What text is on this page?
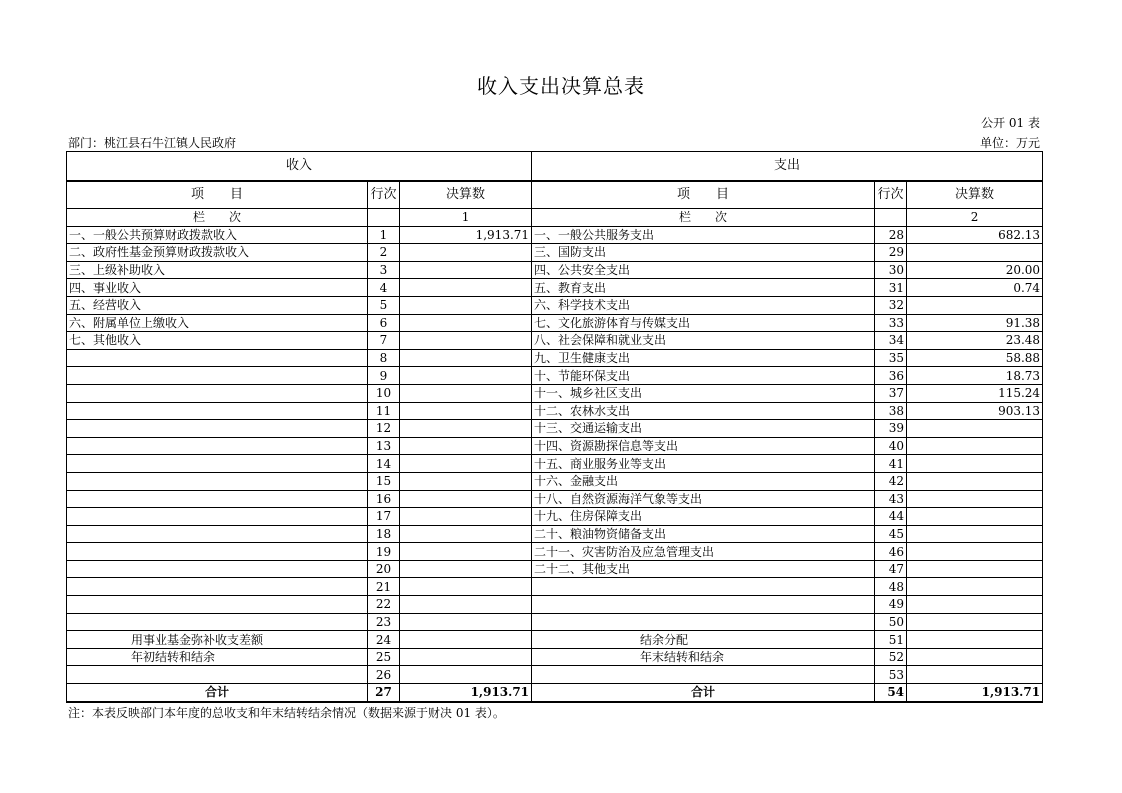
收入支出决算总表
公开 01 表
部门：桃江县石牛江镇人民政府	单位：万元
收入			支出		
项　　目	行次	决算数	项　　目	行次	决算数
栏　　次		1	栏　　次		2
一、一般公共预算财政拨款收入	1	1,913.71	一、一般公共服务支出	28	682.13
二、政府性基金预算财政拨款收入	2		三、国防支出	29	
三、上级补助收入	3		四、公共安全支出	30	20.00
四、事业收入	4		五、教育支出	31	0.74
五、经营收入	5		六、科学技术支出	32	
六、附属单位上缴收入	6		七、文化旅游体育与传媒支出	33	91.38
七、其他收入	7		八、社会保障和就业支出	34	23.48
	8		九、卫生健康支出	35	58.88
	9		十、节能环保支出	36	18.73
	10		十一、城乡社区支出	37	115.24
	11		十二、农林水支出	38	903.13
	12		十三、交通运输支出	39	
	13		十四、资源勘探信息等支出	40	
	14		十五、商业服务业等支出	41	
	15		十六、金融支出	42	
	16		十八、自然资源海洋气象等支出	43	
	17		十九、住房保障支出	44	
	18		二十、粮油物资储备支出	45	
	19		二十一、灾害防治及应急管理支出	46	
	20		二十二、其他支出	47	
	21			48	
	22			49	
	23			50	
用事业基金弥补收支差额	24		结余分配	51	
年初结转和结余	25		年末结转和结余	52	
	26			53	
合计	27	1,913.71	合计	54	1,913.71
注：本表反映部门本年度的总收支和年末结转结余情况（数据来源于财决 01 表）。
